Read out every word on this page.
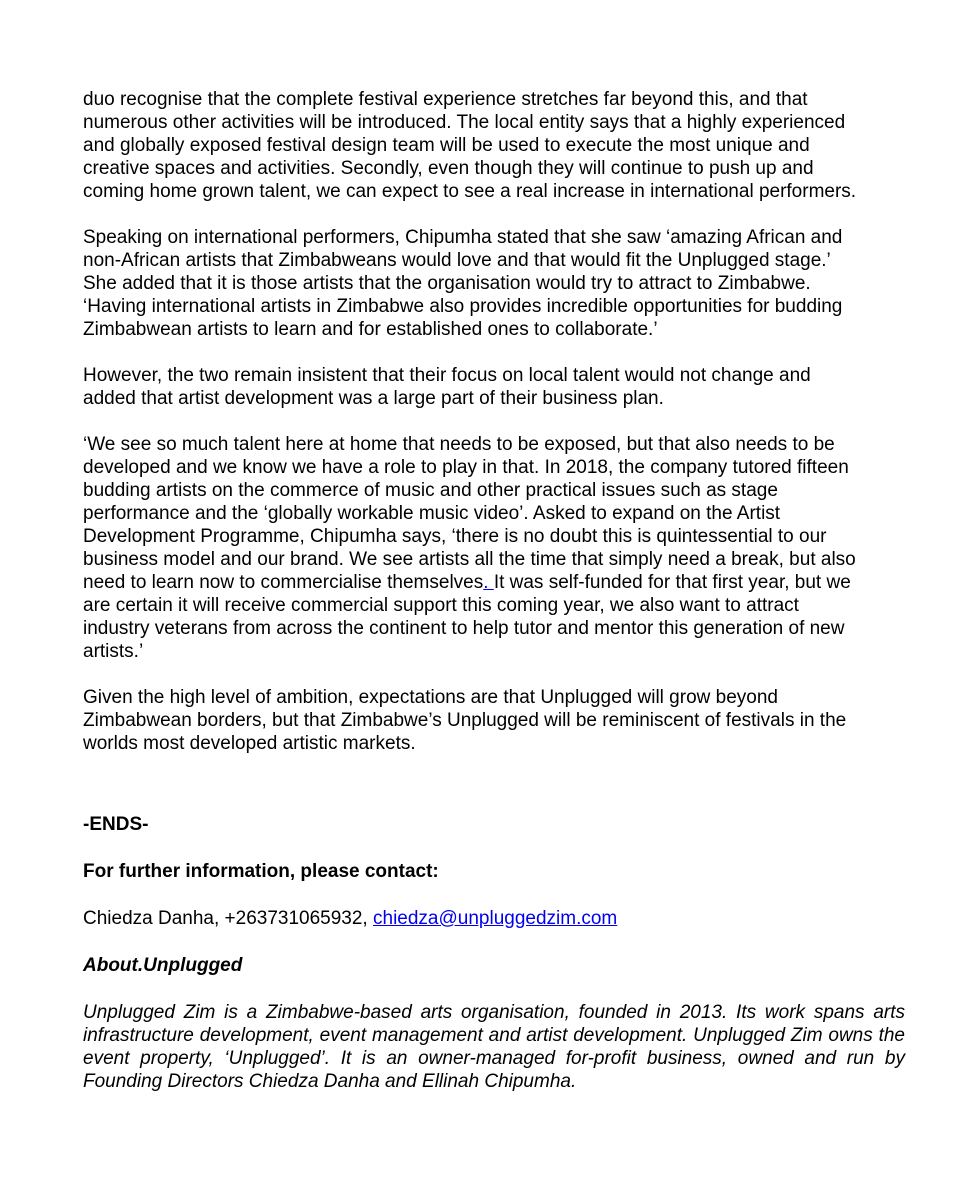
duo recognise that the complete festival experience stretches far beyond this, and that
numerous other activities will be introduced. The local entity says that a highly experienced
and globally exposed festival design team will be used to execute the most unique and
creative spaces and activities. Secondly, even though they will continue to push up and
coming home grown talent, we can expect to see a real increase in international performers.

Speaking on international performers, Chipumha stated that she saw ‘amazing African and
non-African artists that Zimbabweans would love and that would fit the Unplugged stage.’
She added that it is those artists that the organisation would try to attract to Zimbabwe.
‘Having international artists in Zimbabwe also provides incredible opportunities for budding
Zimbabwean artists to learn and for established ones to collaborate.’

However, the two remain insistent that their focus on local talent would not change and
added that artist development was a large part of their business plan.

‘We see so much talent here at home that needs to be exposed, but that also needs to be
developed and we know we have a role to play in that. In 2018, the company tutored fifteen
budding artists on the commerce of music and other practical issues such as stage
performance and the ‘globally workable music video’. Asked to expand on the Artist
Development Programme, Chipumha says, ‘there is no doubt this is quintessential to our
business model and our brand. We see artists all the time that simply need a break, but also
need to learn now to commercialise themselves. It was self-funded for that first year, but we
are certain it will receive commercial support this coming year, we also want to attract
industry veterans from across the continent to help tutor and mentor this generation of new
artists.’

Given the high level of ambition, expectations are that Unplugged will grow beyond
Zimbabwean borders, but that Zimbabwe’s Unplugged will be reminiscent of festivals in the
worlds most developed artistic markets.

-ENDS-

For further information, please contact:

Chiedza Danha, +263731065932, chiedza@unpluggedzim.com

About.Unplugged

Unplugged Zim is a Zimbabwe-based arts organisation, founded in 2013. Its work spans arts infrastructure development, event management and artist development. Unplugged Zim owns the event property, ‘Unplugged’. It is an owner-managed for-profit business, owned and run by Founding Directors Chiedza Danha and Ellinah Chipumha.
